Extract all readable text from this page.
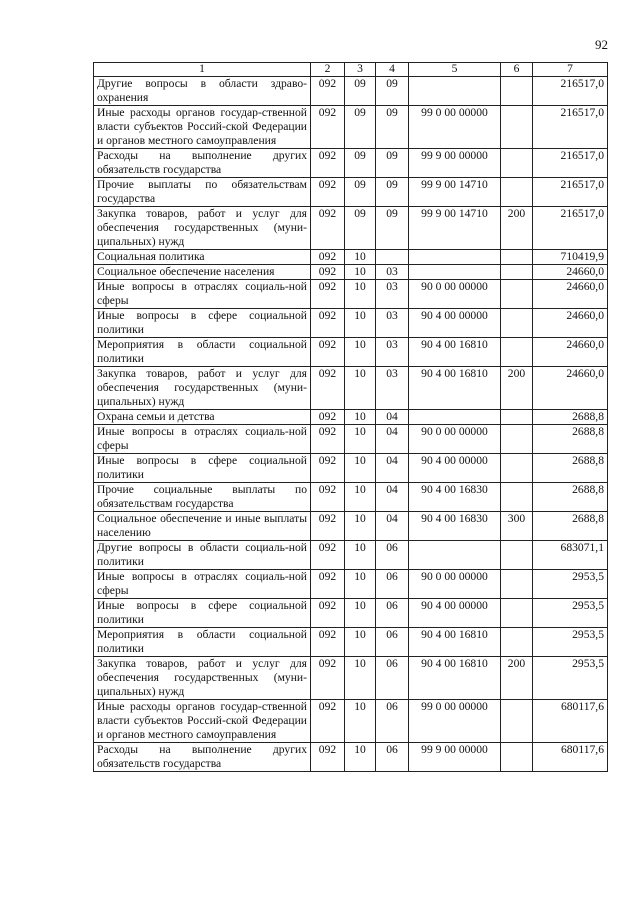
92
1	2	3	4	5	6	7
Другие вопросы в области здраво-охранения	092	09	09			216517,0
Иные расходы органов государ-ственной власти субъектов Россий-ской Федерации и органов местного самоуправления	092	09	09	99 0 00 00000		216517,0
Расходы на выполнение других обязательств государства	092	09	09	99 9 00 00000		216517,0
Прочие выплаты по обязательствам государства	092	09	09	99 9 00 14710		216517,0
Закупка товаров, работ и услуг для обеспечения государственных (муни-ципальных) нужд	092	09	09	99 9 00 14710	200	216517,0
Социальная политика	092	10				710419,9
Социальное обеспечение населения	092	10	03			24660,0
Иные вопросы в отраслях социаль-ной сферы	092	10	03	90 0 00 00000		24660,0
Иные вопросы в сфере социальной политики	092	10	03	90 4 00 00000		24660,0
Мероприятия в области социальной политики	092	10	03	90 4 00 16810		24660,0
Закупка товаров, работ и услуг для обеспечения государственных (муни-ципальных) нужд	092	10	03	90 4 00 16810	200	24660,0
Охрана семьи и детства	092	10	04			2688,8
Иные вопросы в отраслях социаль-ной сферы	092	10	04	90 0 00 00000		2688,8
Иные вопросы в сфере социальной политики	092	10	04	90 4 00 00000		2688,8
Прочие социальные выплаты по обязательствам государства	092	10	04	90 4 00 16830		2688,8
Социальное обеспечение и иные выплаты населению	092	10	04	90 4 00 16830	300	2688,8
Другие вопросы в области социаль-ной политики	092	10	06			683071,1
Иные вопросы в отраслях социаль-ной сферы	092	10	06	90 0 00 00000		2953,5
Иные вопросы в сфере социальной политики	092	10	06	90 4 00 00000		2953,5
Мероприятия в области социальной политики	092	10	06	90 4 00 16810		2953,5
Закупка товаров, работ и услуг для обеспечения государственных (муни-ципальных) нужд	092	10	06	90 4 00 16810	200	2953,5
Иные расходы органов государ-ственной власти субъектов Россий-ской Федерации и органов местного самоуправления	092	10	06	99 0 00 00000		680117,6
Расходы на выполнение других обязательств государства	092	10	06	99 9 00 00000		680117,6
